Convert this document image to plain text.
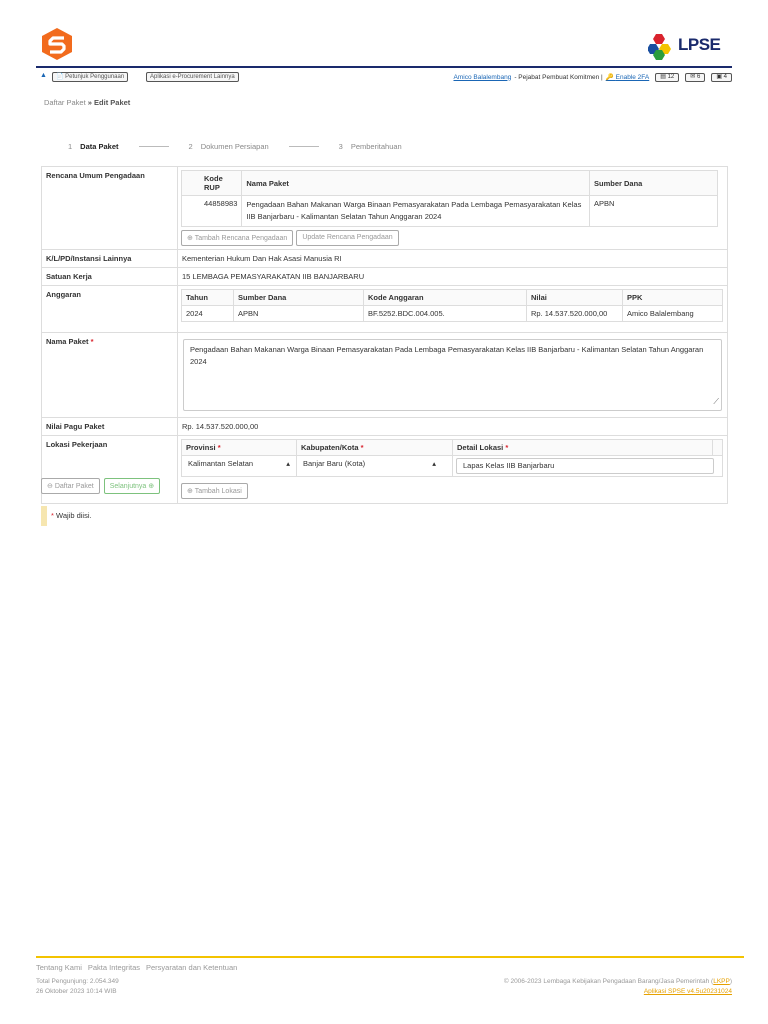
LPSE
▲	📄 Petunjuk Penggunaan	Aplikasi e-Procurement Lainnya	Amico Balalembang - Pejabat Pembuat Komitmen | 🔑 Enable 2FA	▤ 12	✉ 6	▣ 4
Daftar Paket » Edit Paket
1 Data Paket	2 Dokumen Persiapan	3 Pemberitahuan
Rencana Umum Pengadaan	Kode RUP	Nama Paket	Sumber Dana
44858983	Pengadaan Bahan Makanan Warga Binaan Pemasyarakatan Pada Lembaga Pemasyarakatan Kelas IIB Banjarbaru - Kalimantan Selatan Tahun Anggaran 2024	APBN
⊕ Tambah Rencana Pengadaan	Update Rencana Pengadaan
K/L/PD/Instansi Lainnya	Kementerian Hukum Dan Hak Asasi Manusia RI
Satuan Kerja	15 LEMBAGA PEMASYARAKATAN IIB BANJARBARU
Anggaran	Tahun	Sumber Dana	Kode Anggaran	Nilai	PPK
2024	APBN	BF.5252.BDC.004.005.	Rp. 14.537.520.000,00	Amico Balalembang
Nama Paket *
Pengadaan Bahan Makanan Warga Binaan Pemasyarakatan Pada Lembaga Pemasyarakatan Kelas IIB Banjarbaru - Kalimantan Selatan Tahun Anggaran 2024
⟋
Nilai Pagu Paket	Rp. 14.537.520.000,00
Lokasi Pekerjaan	Provinsi *	Kabupaten/Kota *	Detail Lokasi *	

Kalimantan Selatan ▴	Banjar Baru (Kota) ▴	Lapas Kelas IIB Banjarbaru	
⊕ Tambah Lokasi
⊖ Daftar Paket	Selanjutnya ⊕
* Wajib diisi.
Tentang Kami Pakta Integritas Persyaratan dan Ketentuan
Total Pengunjung: 2.054.349
26 Oktober 2023 10:14 WIB
© 2006-2023 Lembaga Kebijakan Pengadaan Barang/Jasa Pemerintah (LKPP)
Aplikasi SPSE v4.5u20231024
